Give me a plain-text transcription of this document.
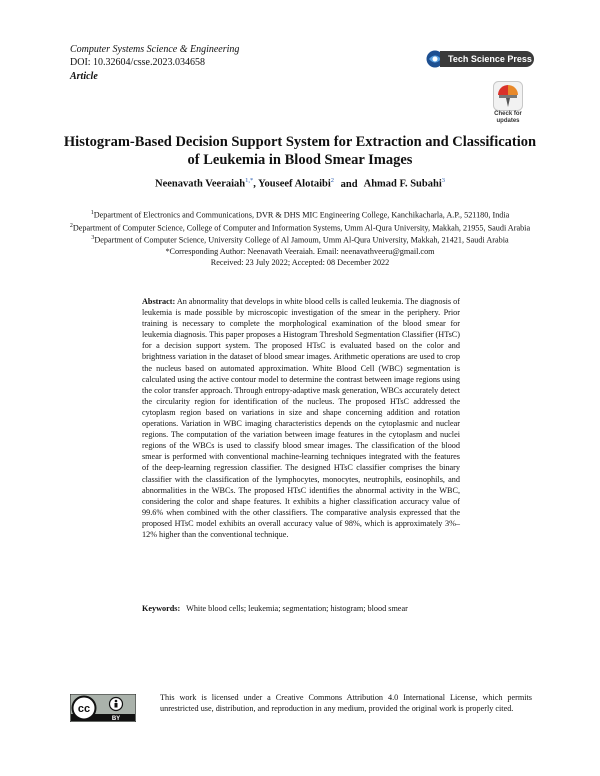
Computer Systems Science & Engineering
DOI: 10.32604/csse.2023.034658
Article
Tech Science Press
Check for updates
Histogram-Based Decision Support System for Extraction and Classification of Leukemia in Blood Smear Images
Neenavath Veeraiah$^{1,*}$, Youseef Alotaibi$^2$ and Ahmad F. Subahi$^3$
$^1$Department of Electronics and Communications, DVR & DHS MIC Engineering College, Kanchikacharla, A.P., 521180, India
$^2$Department of Computer Science, College of Computer and Information Systems, Umm Al-Qura University, Makkah, 21955, Saudi Arabia
$^3$Department of Computer Science, University College of Al Jamoum, Umm Al-Qura University, Makkah, 21421, Saudi Arabia
*Corresponding Author: Neenavath Veeraiah. Email: neenavathveeru@gmail.com
Received: 23 July 2022; Accepted: 08 December 2022
Abstract: An abnormality that develops in white blood cells is called leukemia. The diagnosis of leukemia is made possible by microscopic investigation of the smear in the periphery. Prior training is necessary to complete the morphological examination of the blood smear for leukemia diagnosis. This paper proposes a Histogram Threshold Segmentation Classifier (HTsC) for a decision support system. The proposed HTsC is evaluated based on the color and brightness variation in the dataset of blood smear images. Arithmetic operations are used to crop the nucleus based on automated approximation. White Blood Cell (WBC) segmentation is calculated using the active contour model to determine the contrast between image regions using the color transfer approach. Through entropy-adaptive mask generation, WBCs accurately detect the circularity region for identification of the nucleus. The proposed HTsC addressed the cytoplasm region based on variations in size and shape concerning addition and rotation operations. Variation in WBC imaging characteristics depends on the cytoplasmic and nuclear regions. The computation of the variation between image features in the cytoplasm and nuclei regions of the WBCs is used to classify blood smear images. The classification of the blood smear is performed with conventional machine-learning techniques integrated with the features of the deep-learning regression classifier. The designed HTsC classifier comprises the binary classifier with the classification of the lymphocytes, monocytes, neutrophils, eosinophils, and abnormalities in the WBCs. The proposed HTsC identifies the abnormal activity in the WBC, considering the color and shape features. It exhibits a higher classification accuracy value of 99.6% when combined with the other classifiers. The comparative analysis expressed that the proposed HTsC model exhibits an overall accuracy value of 98%, which is approximately 3%–12% higher than the conventional technique.
Keywords: White blood cells; leukemia; segmentation; histogram; blood smear
cc
BY
This work is licensed under a Creative Commons Attribution 4.0 International License, which permits unrestricted use, distribution, and reproduction in any medium, provided the original work is properly cited.
